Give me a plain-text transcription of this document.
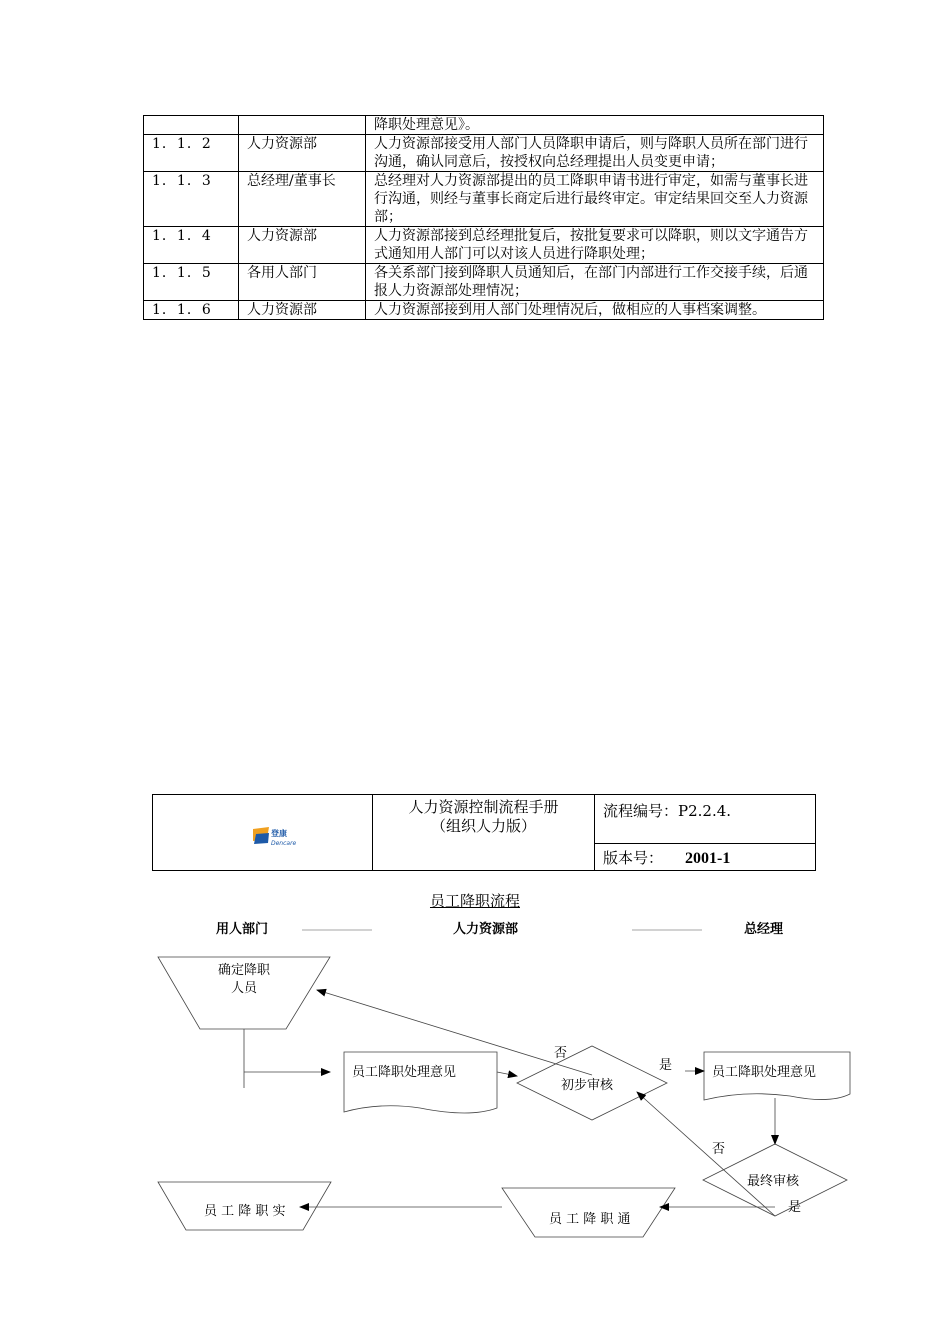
		降职处理意见》。
1．1．2	人力资源部	人力资源部接受用人部门人员降职申请后，则与降职人员所在部门进行沟通，确认同意后，按授权向总经理提出人员变更申请；
1．1．3	总经理/董事长	总经理对人力资源部提出的员工降职申请书进行审定，如需与董事长进行沟通，则经与董事长商定后进行最终审定。审定结果回交至人力资源部；
1．1．4	人力资源部	人力资源部接到总经理批复后，按批复要求可以降职，则以文字通告方式通知用人部门可以对该人员进行降职处理；
1．1．5	各用人部门	各关系部门接到降职人员通知后，在部门内部进行工作交接手续，后通报人力资源部处理情况；
1．1．6	人力资源部	人力资源部接到用人部门处理情况后，做相应的人事档案调整。
登康
Dencare
人力资源控制流程手册
（组织人力版）
流程编号：P2.2.4.
版本号： 2001-1
员工降职流程
用人部门	人力资源部	总经理
确定降职
人员
员工降职处理意见
初步审核
员工降职处理意见
最终审核
员 工 降 职 通
员 工 降 职 实
否
是
否
是
